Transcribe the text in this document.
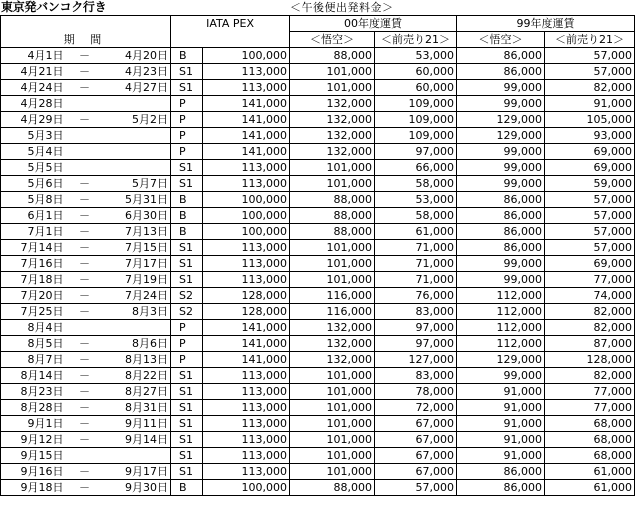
東京発バンコク行き	＜午後便出発料金＞
期 間			IATA PEX		00年度運賃		99年度運賃	
					＜悟空＞	＜前売り21＞	＜悟空＞	＜前売り21＞
4月1日	－	4月20日	B	100,000	88,000	53,000	86,000	57,000
4月21日	－	4月23日	S1	113,000	101,000	60,000	86,000	57,000
4月24日	－	4月27日	S1	113,000	101,000	60,000	99,000	82,000
4月28日			P	141,000	132,000	109,000	99,000	91,000
4月29日	－	5月2日	P	141,000	132,000	109,000	129,000	105,000
5月3日			P	141,000	132,000	109,000	129,000	93,000
5月4日			P	141,000	132,000	97,000	99,000	69,000
5月5日			S1	113,000	101,000	66,000	99,000	69,000
5月6日	－	5月7日	S1	113,000	101,000	58,000	99,000	59,000
5月8日	－	5月31日	B	100,000	88,000	53,000	86,000	57,000
6月1日	－	6月30日	B	100,000	88,000	58,000	86,000	57,000
7月1日	－	7月13日	B	100,000	88,000	61,000	86,000	57,000
7月14日	－	7月15日	S1	113,000	101,000	71,000	86,000	57,000
7月16日	－	7月17日	S1	113,000	101,000	71,000	99,000	69,000
7月18日	－	7月19日	S1	113,000	101,000	71,000	99,000	77,000
7月20日	－	7月24日	S2	128,000	116,000	76,000	112,000	74,000
7月25日	－	8月3日	S2	128,000	116,000	83,000	112,000	82,000
8月4日			P	141,000	132,000	97,000	112,000	82,000
8月5日	－	8月6日	P	141,000	132,000	97,000	112,000	87,000
8月7日	－	8月13日	P	141,000	132,000	127,000	129,000	128,000
8月14日	－	8月22日	S1	113,000	101,000	83,000	99,000	82,000
8月23日	－	8月27日	S1	113,000	101,000	78,000	91,000	77,000
8月28日	－	8月31日	S1	113,000	101,000	72,000	91,000	77,000
9月1日	－	9月11日	S1	113,000	101,000	67,000	91,000	68,000
9月12日	－	9月14日	S1	113,000	101,000	67,000	91,000	68,000
9月15日			S1	113,000	101,000	67,000	91,000	68,000
9月16日	－	9月17日	S1	113,000	101,000	67,000	86,000	61,000
9月18日	－	9月30日	B	100,000	88,000	57,000	86,000	61,000
